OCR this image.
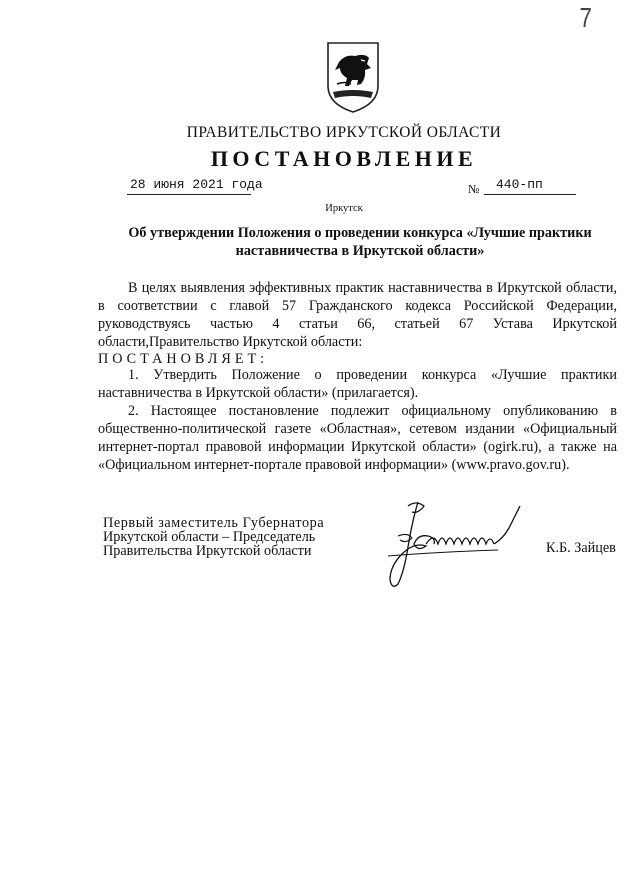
7
ПРАВИТЕЛЬСТВО ИРКУТСКОЙ ОБЛАСТИ
ПОСТАНОВЛЕНИЕ
28 июня 2021 года	№ 440-пп
Иркутск
Об утверждении Положения о проведении конкурса «Лучшие практики наставничества в Иркутской области»
В целях выявления эффективных практик наставничества в Иркутской области, в соответствии с главой 57 Гражданского кодекса Российской Федерации, руководствуясь частью 4 статьи 66, статьей 67 Устава Иркутской области,Правительство Иркутской области:
ПОСТАНОВЛЯЕТ:
1. Утвердить Положение о проведении конкурса «Лучшие практики наставничества в Иркутской области» (прилагается).
2. Настоящее постановление подлежит официальному опубликованию в общественно-политической газете «Областная», сетевом издании «Официальный интернет-портал правовой информации Иркутской области» (ogirk.ru), а также на «Официальном интернет-портале правовой информации» (www.pravo.gov.ru).
Первый заместитель Губернатора
Иркутской области – Председатель
Правительства Иркутской области	К.Б. Зайцев
